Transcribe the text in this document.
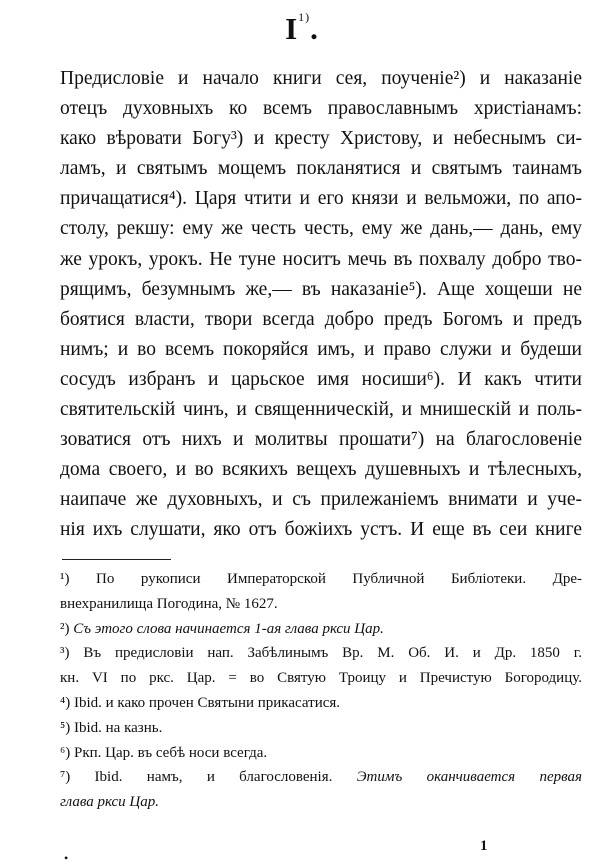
$I^{1)}$.
Предисловiе и начало книги сея, поученiе²) и наказанiе
отецъ духовныхъ ко всемъ православнымъ христiанамъ:
како вѣровати Богу³) и кресту Христову, и небеснымъ си-
ламъ, и святымъ мощемъ покланятися и святымъ таинамъ
причащатися⁴). Царя чтити и его князи и вельможи, по апо-
столу, рекшу: ему же честь честь, ему же дань,— дань, ему
же урокъ, урокъ. Не туне носитъ мечь въ похвалу добро тво-
рящимъ, безумнымъ же,— въ наказанiе⁵). Аще хощеши не
боятися власти, твори всегда добро предъ Богомъ и предъ
нимъ; и во всемъ покоряйся имъ, и право служи и будеши
сосудъ избранъ и царьское имя носиши⁶). И какъ чтити
святительскiй чинъ, и священническiй, и мнишескiй и поль-
зоватися отъ нихъ и молитвы прошати⁷) на благословенiе
дома своего, и во всякихъ вещехъ душевныхъ и тѣлесныхъ,
наипаче же духовныхъ, и съ прилежанiемъ внимати и уче-
нiя ихъ слушати, яко отъ божiихъ устъ. И еще въ сеи книге
¹) По рукописи Императорской Публичной Библiотеки. Дре-
внехранилища Погодина, № 1627.
²) Съ этого слова начинается 1-ая глава ркси Цар.
³) Въ предисловiи нап. Забѣлинымъ Вр. М. Об. И. и Др. 1850 г.
кн. VI по ркс. Цар. = во Святую Троицу и Пречистую Богородицу.
⁴) Ibid. и како прочен Святыни прикасатися.
⁵) Ibid. на казнь.
⁶) Ркп. Цар. въ себѣ носи всегда.
⁷) Ibid. намъ, и благословенiя. Этимъ оканчивается первая
глава ркси Цар.
1
•
